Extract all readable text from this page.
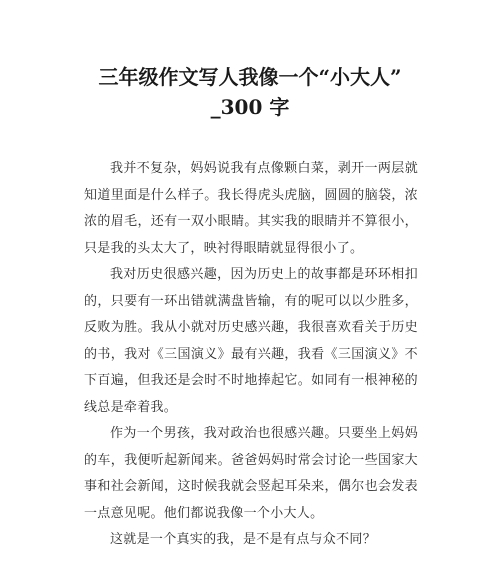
三年级作文写人我像一个“小大人”
_300 字

我并不复杂，妈妈说我有点像颗白菜，剥开一两层就知道里面是什么样子。我长得虎头虎脑，圆圆的脑袋，浓浓的眉毛，还有一双小眼睛。其实我的眼睛并不算很小，只是我的头太大了，映衬得眼睛就显得很小了。

我对历史很感兴趣，因为历史上的故事都是环环相扣的，只要有一环出错就满盘皆输，有的呢可以以少胜多，反败为胜。我从小就对历史感兴趣，我很喜欢看关于历史的书，我对《三国演义》最有兴趣，我看《三国演义》不下百遍，但我还是会时不时地捧起它。如同有一根神秘的线总是牵着我。

作为一个男孩，我对政治也很感兴趣。只要坐上妈妈的车，我便听起新闻来。爸爸妈妈时常会讨论一些国家大事和社会新闻，这时候我就会竖起耳朵来，偶尔也会发表一点意见呢。他们都说我像一个小大人。

这就是一个真实的我，是不是有点与众不同？
